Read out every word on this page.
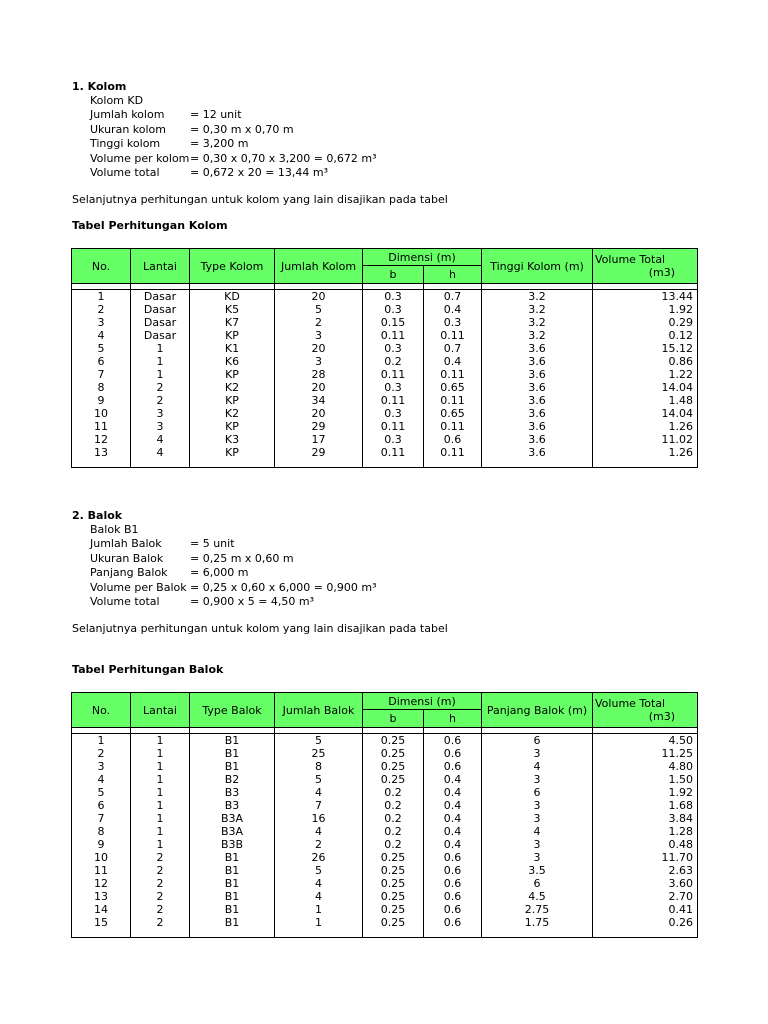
1. Kolom
Kolom KD
Jumlah kolom = 12 unit
Ukuran kolom = 0,30 m x 0,70 m
Tinggi kolom	= 3,200 m
Volume per kolom= 0,30 x 0,70 x 3,200 = 0,672 m³
Volume total	= 0,672 x 20 = 13,44 m³
Selanjutnya perhitungan untuk kolom yang lain disajikan pada tabel
Tabel Perhitungan Kolom
No.	Lantai	Type Kolom	Jumlah Kolom	Dimensi (m)		Tinggi Kolom (m)	Volume Total
(m3)

				b	h		

1	Dasar	KD	20	0.3	0.7	3.2	13.44
2	Dasar	K5	5	0.3	0.4	3.2	1.92
3	Dasar	K7	2	0.15	0.3	3.2	0.29
4	Dasar	KP	3	0.11	0.11	3.2	0.12
5	1	K1	20	0.3	0.7	3.6	15.12
6	1	K6	3	0.2	0.4	3.6	0.86
7	1	KP	28	0.11	0.11	3.6	1.22
8	2	K2	20	0.3	0.65	3.6	14.04
9	2	KP	34	0.11	0.11	3.6	1.48
10	3	K2	20	0.3	0.65	3.6	14.04
11	3	KP	29	0.11	0.11	3.6	1.26
12	4	K3	17	0.3	0.6	3.6	11.02
13	4	KP	29	0.11	0.11	3.6	1.26

2. Balok
Balok B1
Jumlah Balok	= 5 unit
Ukuran Balok = 0,25 m x 0,60 m
Panjang Balok = 6,000 m
Volume per Balok = 0,25 x 0,60 x 6,000 = 0,900 m³
Volume total	= 0,900 x 5 = 4,50 m³
Selanjutnya perhitungan untuk kolom yang lain disajikan pada tabel
Tabel Perhitungan Balok
No.	Lantai	Type Balok	Jumlah Balok	Dimensi (m)		Panjang Balok (m)	Volume Total
(m3)

				b	h		

1	1	B1	5	0.25	0.6	6	4.50
2	1	B1	25	0.25	0.6	3	11.25
3	1	B1	8	0.25	0.6	4	4.80
4	1	B2	5	0.25	0.4	3	1.50
5	1	B3	4	0.2	0.4	6	1.92
6	1	B3	7	0.2	0.4	3	1.68
7	1	B3A	16	0.2	0.4	3	3.84
8	1	B3A	4	0.2	0.4	4	1.28
9	1	B3B	2	0.2	0.4	3	0.48
10	2	B1	26	0.25	0.6	3	11.70
11	2	B1	5	0.25	0.6	3.5	2.63
12	2	B1	4	0.25	0.6	6	3.60
13	2	B1	4	0.25	0.6	4.5	2.70
14	2	B1	1	0.25	0.6	2.75	0.41
15	2	B1	1	0.25	0.6	1.75	0.26
